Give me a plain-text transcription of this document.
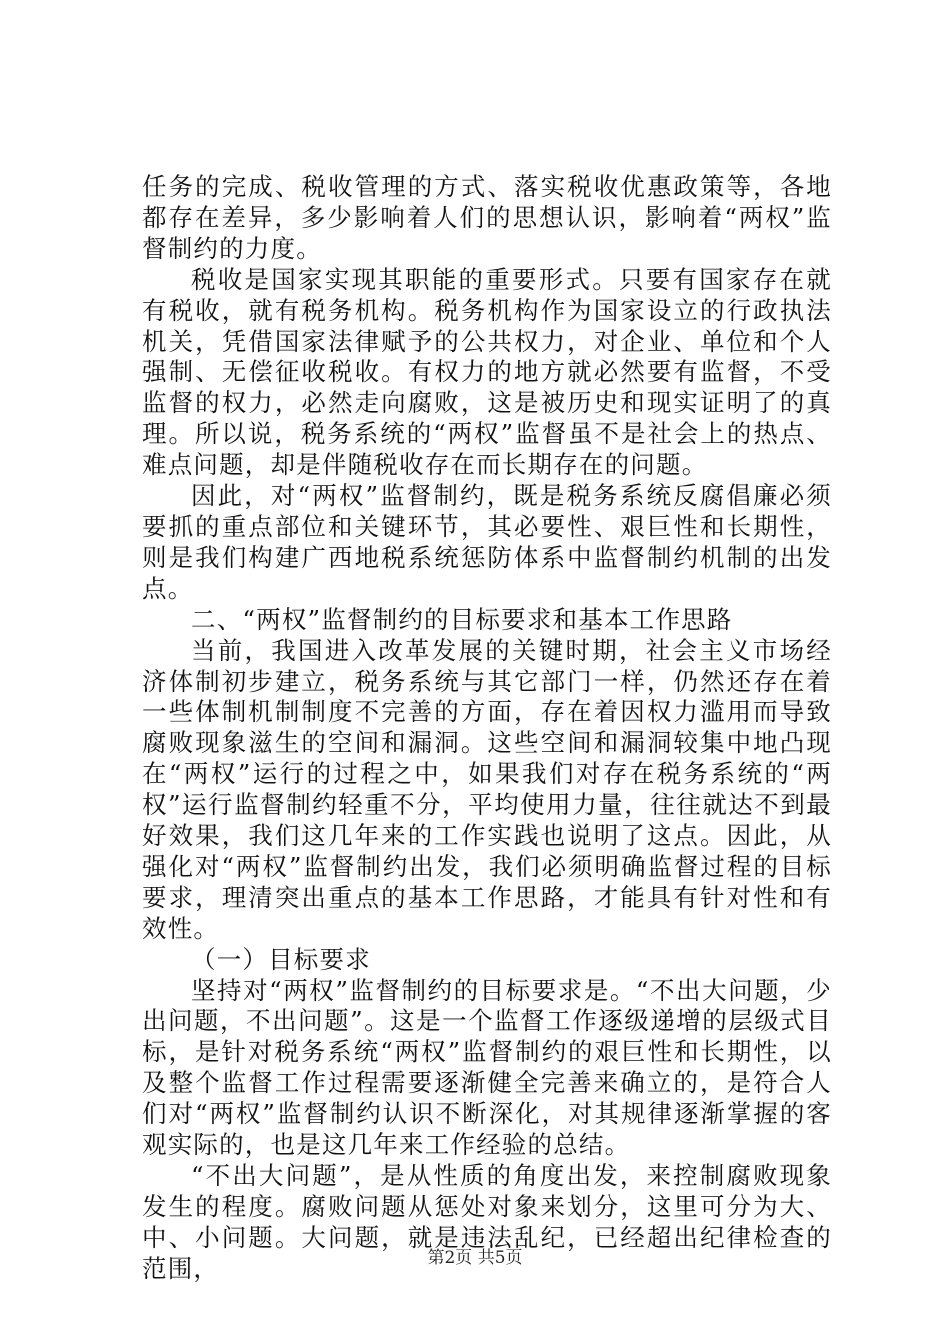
任务的完成、税收管理的方式、落实税收优惠政策等，各地都存在差异，多少影响着人们的思想认识，影响着“两权”监督制约的力度。

税收是国家实现其职能的重要形式。只要有国家存在就有税收，就有税务机构。税务机构作为国家设立的行政执法机关，凭借国家法律赋予的公共权力，对企业、单位和个人强制、无偿征收税收。有权力的地方就必然要有监督，不受监督的权力，必然走向腐败，这是被历史和现实证明了的真理。所以说，税务系统的“两权”监督虽不是社会上的热点、难点问题，却是伴随税收存在而长期存在的问题。

因此，对“两权”监督制约，既是税务系统反腐倡廉必须要抓的重点部位和关键环节，其必要性、艰巨性和长期性，则是我们构建广西地税系统惩防体系中监督制约机制的出发点。

二、“两权”监督制约的目标要求和基本工作思路

当前，我国进入改革发展的关键时期，社会主义市场经济体制初步建立，税务系统与其它部门一样，仍然还存在着一些体制机制制度不完善的方面，存在着因权力滥用而导致腐败现象滋生的空间和漏洞。这些空间和漏洞较集中地凸现在“两权”运行的过程之中，如果我们对存在税务系统的“两权”运行监督制约轻重不分，平均使用力量，往往就达不到最好效果，我们这几年来的工作实践也说明了这点。因此，从强化对“两权”监督制约出发，我们必须明确监督过程的目标要求，理清突出重点的基本工作思路，才能具有针对性和有效性。

（一）目标要求

坚持对“两权”监督制约的目标要求是。“不出大问题，少出问题，不出问题”。这是一个监督工作逐级递增的层级式目标，是针对税务系统“两权”监督制约的艰巨性和长期性，以及整个监督工作过程需要逐渐健全完善来确立的，是符合人们对“两权”监督制约认识不断深化，对其规律逐渐掌握的客观实际的，也是这几年来工作经验的总结。

“不出大问题”，是从性质的角度出发，来控制腐败现象发生的程度。腐败问题从惩处对象来划分，这里可分为大、中、小问题。大问题，就是违法乱纪，已经超出纪律检查的范围，	第2页 共5页
